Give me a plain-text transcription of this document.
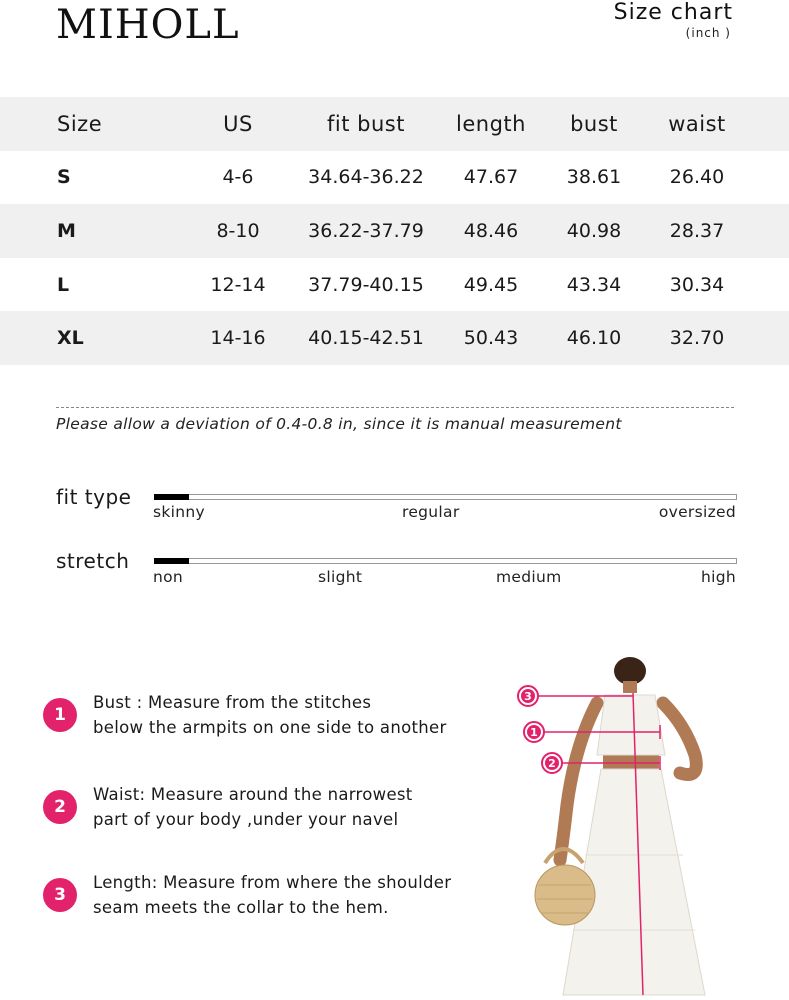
MIHOLL	Size chart
(inch )
Size	US	fit bust	length	bust	waist
S	4-6	34.64-36.22	47.67	38.61	26.40
M	8-10	36.22-37.79	48.46	40.98	28.37
L	12-14	37.79-40.15	49.45	43.34	30.34
XL	14-16	40.15-42.51	50.43	46.10	32.70
Please allow a deviation of 0.4-0.8 in, since it is manual measurement
fit type
skinny	regular	oversized
stretch
non	slight	medium	high
1
Bust : Measure from the stitches
below the armpits on one side to another
2
Waist: Measure around the narrowest
part of your body ,under your navel
3
Length: Measure from where the shoulder
seam meets the collar to the hem.
3
1
2
